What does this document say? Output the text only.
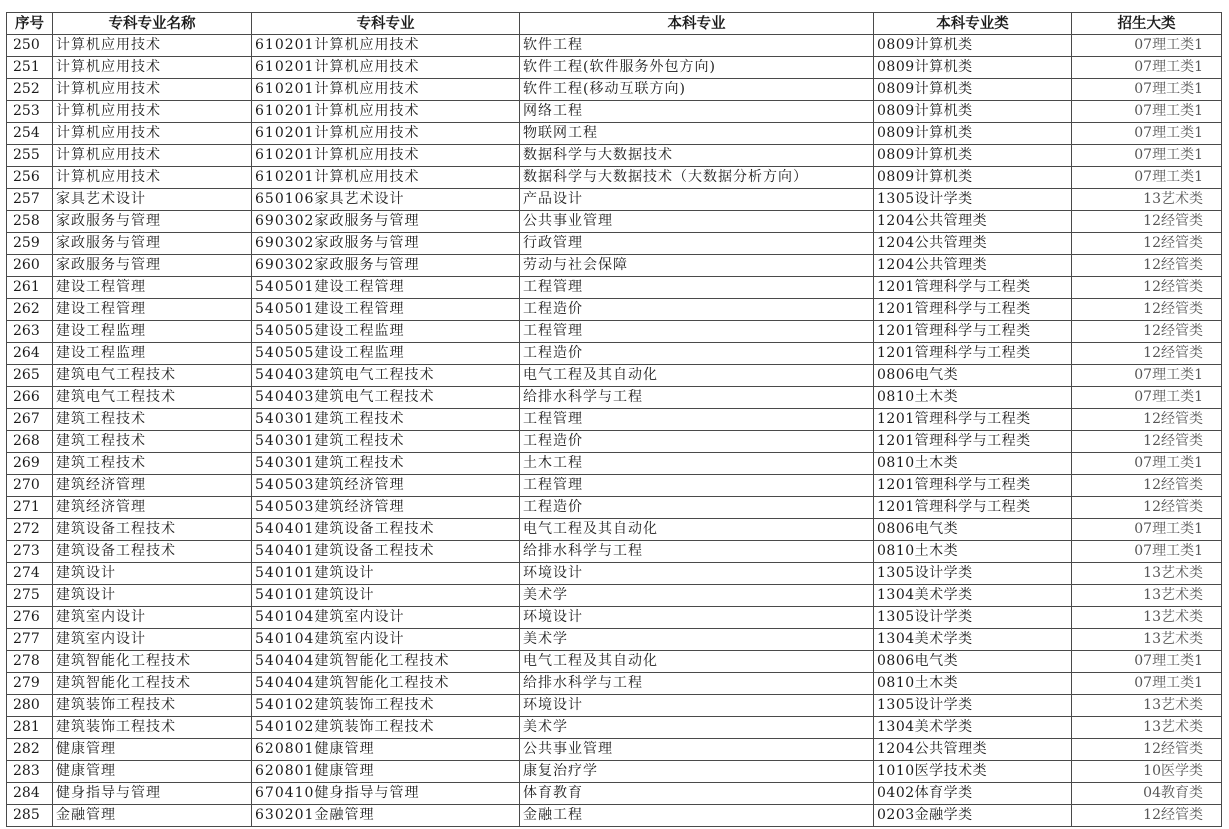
序号	专科专业名称	专科专业	本科专业	本科专业类	招生大类
250	计算机应用技术	610201计算机应用技术	软件工程	0809计算机类	07理工类1
251	计算机应用技术	610201计算机应用技术	软件工程(软件服务外包方向)	0809计算机类	07理工类1
252	计算机应用技术	610201计算机应用技术	软件工程(移动互联方向)	0809计算机类	07理工类1
253	计算机应用技术	610201计算机应用技术	网络工程	0809计算机类	07理工类1
254	计算机应用技术	610201计算机应用技术	物联网工程	0809计算机类	07理工类1
255	计算机应用技术	610201计算机应用技术	数据科学与大数据技术	0809计算机类	07理工类1
256	计算机应用技术	610201计算机应用技术	数据科学与大数据技术（大数据分析方向）	0809计算机类	07理工类1
257	家具艺术设计	650106家具艺术设计	产品设计	1305设计学类	13艺术类
258	家政服务与管理	690302家政服务与管理	公共事业管理	1204公共管理类	12经管类
259	家政服务与管理	690302家政服务与管理	行政管理	1204公共管理类	12经管类
260	家政服务与管理	690302家政服务与管理	劳动与社会保障	1204公共管理类	12经管类
261	建设工程管理	540501建设工程管理	工程管理	1201管理科学与工程类	12经管类
262	建设工程管理	540501建设工程管理	工程造价	1201管理科学与工程类	12经管类
263	建设工程监理	540505建设工程监理	工程管理	1201管理科学与工程类	12经管类
264	建设工程监理	540505建设工程监理	工程造价	1201管理科学与工程类	12经管类
265	建筑电气工程技术	540403建筑电气工程技术	电气工程及其自动化	0806电气类	07理工类1
266	建筑电气工程技术	540403建筑电气工程技术	给排水科学与工程	0810土木类	07理工类1
267	建筑工程技术	540301建筑工程技术	工程管理	1201管理科学与工程类	12经管类
268	建筑工程技术	540301建筑工程技术	工程造价	1201管理科学与工程类	12经管类
269	建筑工程技术	540301建筑工程技术	土木工程	0810土木类	07理工类1
270	建筑经济管理	540503建筑经济管理	工程管理	1201管理科学与工程类	12经管类
271	建筑经济管理	540503建筑经济管理	工程造价	1201管理科学与工程类	12经管类
272	建筑设备工程技术	540401建筑设备工程技术	电气工程及其自动化	0806电气类	07理工类1
273	建筑设备工程技术	540401建筑设备工程技术	给排水科学与工程	0810土木类	07理工类1
274	建筑设计	540101建筑设计	环境设计	1305设计学类	13艺术类
275	建筑设计	540101建筑设计	美术学	1304美术学类	13艺术类
276	建筑室内设计	540104建筑室内设计	环境设计	1305设计学类	13艺术类
277	建筑室内设计	540104建筑室内设计	美术学	1304美术学类	13艺术类
278	建筑智能化工程技术	540404建筑智能化工程技术	电气工程及其自动化	0806电气类	07理工类1
279	建筑智能化工程技术	540404建筑智能化工程技术	给排水科学与工程	0810土木类	07理工类1
280	建筑装饰工程技术	540102建筑装饰工程技术	环境设计	1305设计学类	13艺术类
281	建筑装饰工程技术	540102建筑装饰工程技术	美术学	1304美术学类	13艺术类
282	健康管理	620801健康管理	公共事业管理	1204公共管理类	12经管类
283	健康管理	620801健康管理	康复治疗学	1010医学技术类	10医学类
284	健身指导与管理	670410健身指导与管理	体育教育	0402体育学类	04教育类
285	金融管理	630201金融管理	金融工程	0203金融学类	12经管类
